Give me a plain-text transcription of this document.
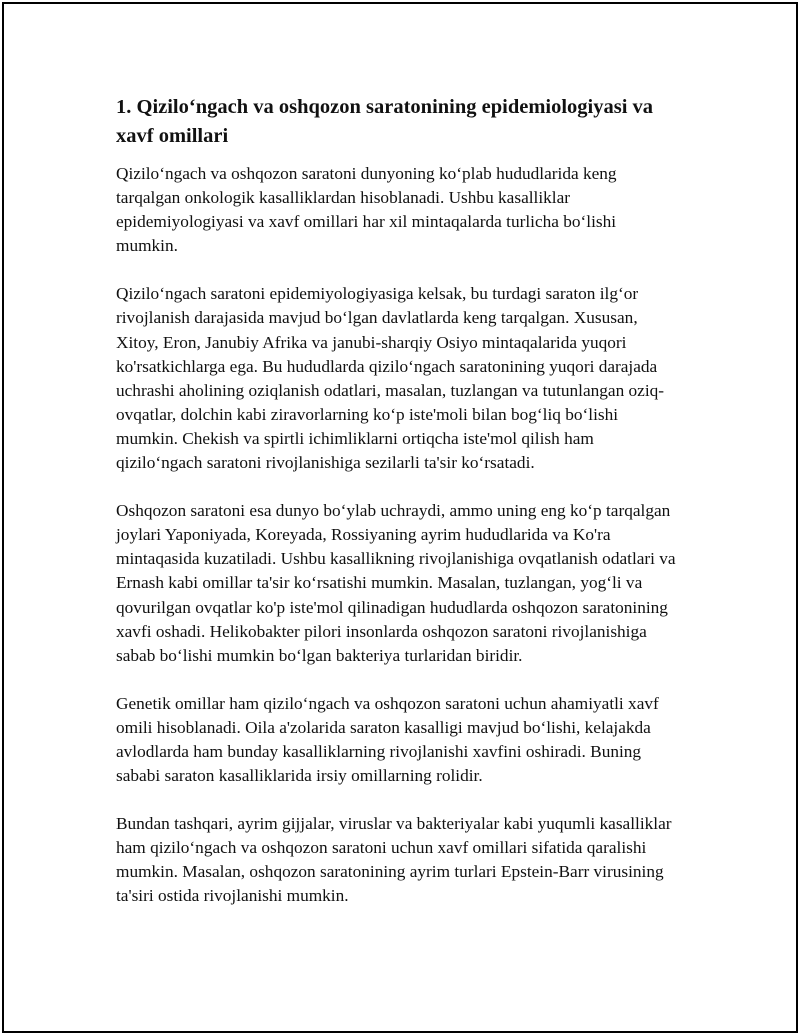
1. Qizilo‘ngach va oshqozon saratonining epidemiologiyasi va xavf omillari

Qizilo‘ngach va oshqozon saratoni dunyoning ko‘plab hududlarida keng tarqalgan onkologik kasalliklardan hisoblanadi. Ushbu kasalliklar epidemiyologiyasi va xavf omillari har xil mintaqalarda turlicha bo‘lishi mumkin.

Qizilo‘ngach saratoni epidemiyologiyasiga kelsak, bu turdagi saraton ilg‘or rivojlanish darajasida mavjud bo‘lgan davlatlarda keng tarqalgan. Xususan, Xitoy, Eron, Janubiy Afrika va janubi-sharqiy Osiyo mintaqalarida yuqori ko'rsatkichlarga ega. Bu hududlarda qizilo‘ngach saratonining yuqori darajada uchrashi aholining oziqlanish odatlari, masalan, tuzlangan va tutunlangan oziq-ovqatlar, dolchin kabi ziravorlarning ko‘p iste'moli bilan bog‘liq bo‘lishi mumkin. Chekish va spirtli ichimliklarni ortiqcha iste'mol qilish ham qizilo‘ngach saratoni rivojlanishiga sezilarli ta'sir ko‘rsatadi.

Oshqozon saratoni esa dunyo bo‘ylab uchraydi, ammo uning eng ko‘p tarqalgan joylari Yaponiyada, Koreyada, Rossiyaning ayrim hududlarida va Ko'ra mintaqasida kuzatiladi. Ushbu kasallikning rivojlanishiga ovqatlanish odatlari va Ernash kabi omillar ta'sir ko‘rsatishi mumkin. Masalan, tuzlangan, yog‘li va qovurilgan ovqatlar ko'p iste'mol qilinadigan hududlarda oshqozon saratonining xavfi oshadi. Helikobakter pilori insonlarda oshqozon saratoni rivojlanishiga sabab bo‘lishi mumkin bo‘lgan bakteriya turlaridan biridir.

Genetik omillar ham qizilo‘ngach va oshqozon saratoni uchun ahamiyatli xavf omili hisoblanadi. Oila a'zolarida saraton kasalligi mavjud bo‘lishi, kelajakda avlodlarda ham bunday kasalliklarning rivojlanishi xavfini oshiradi. Buning sababi saraton kasalliklarida irsiy omillarning rolidir.

Bundan tashqari, ayrim gijjalar, viruslar va bakteriyalar kabi yuqumli kasalliklar ham qizilo‘ngach va oshqozon saratoni uchun xavf omillari sifatida qaralishi mumkin. Masalan, oshqozon saratonining ayrim turlari Epstein-Barr virusining ta'siri ostida rivojlanishi mumkin.
